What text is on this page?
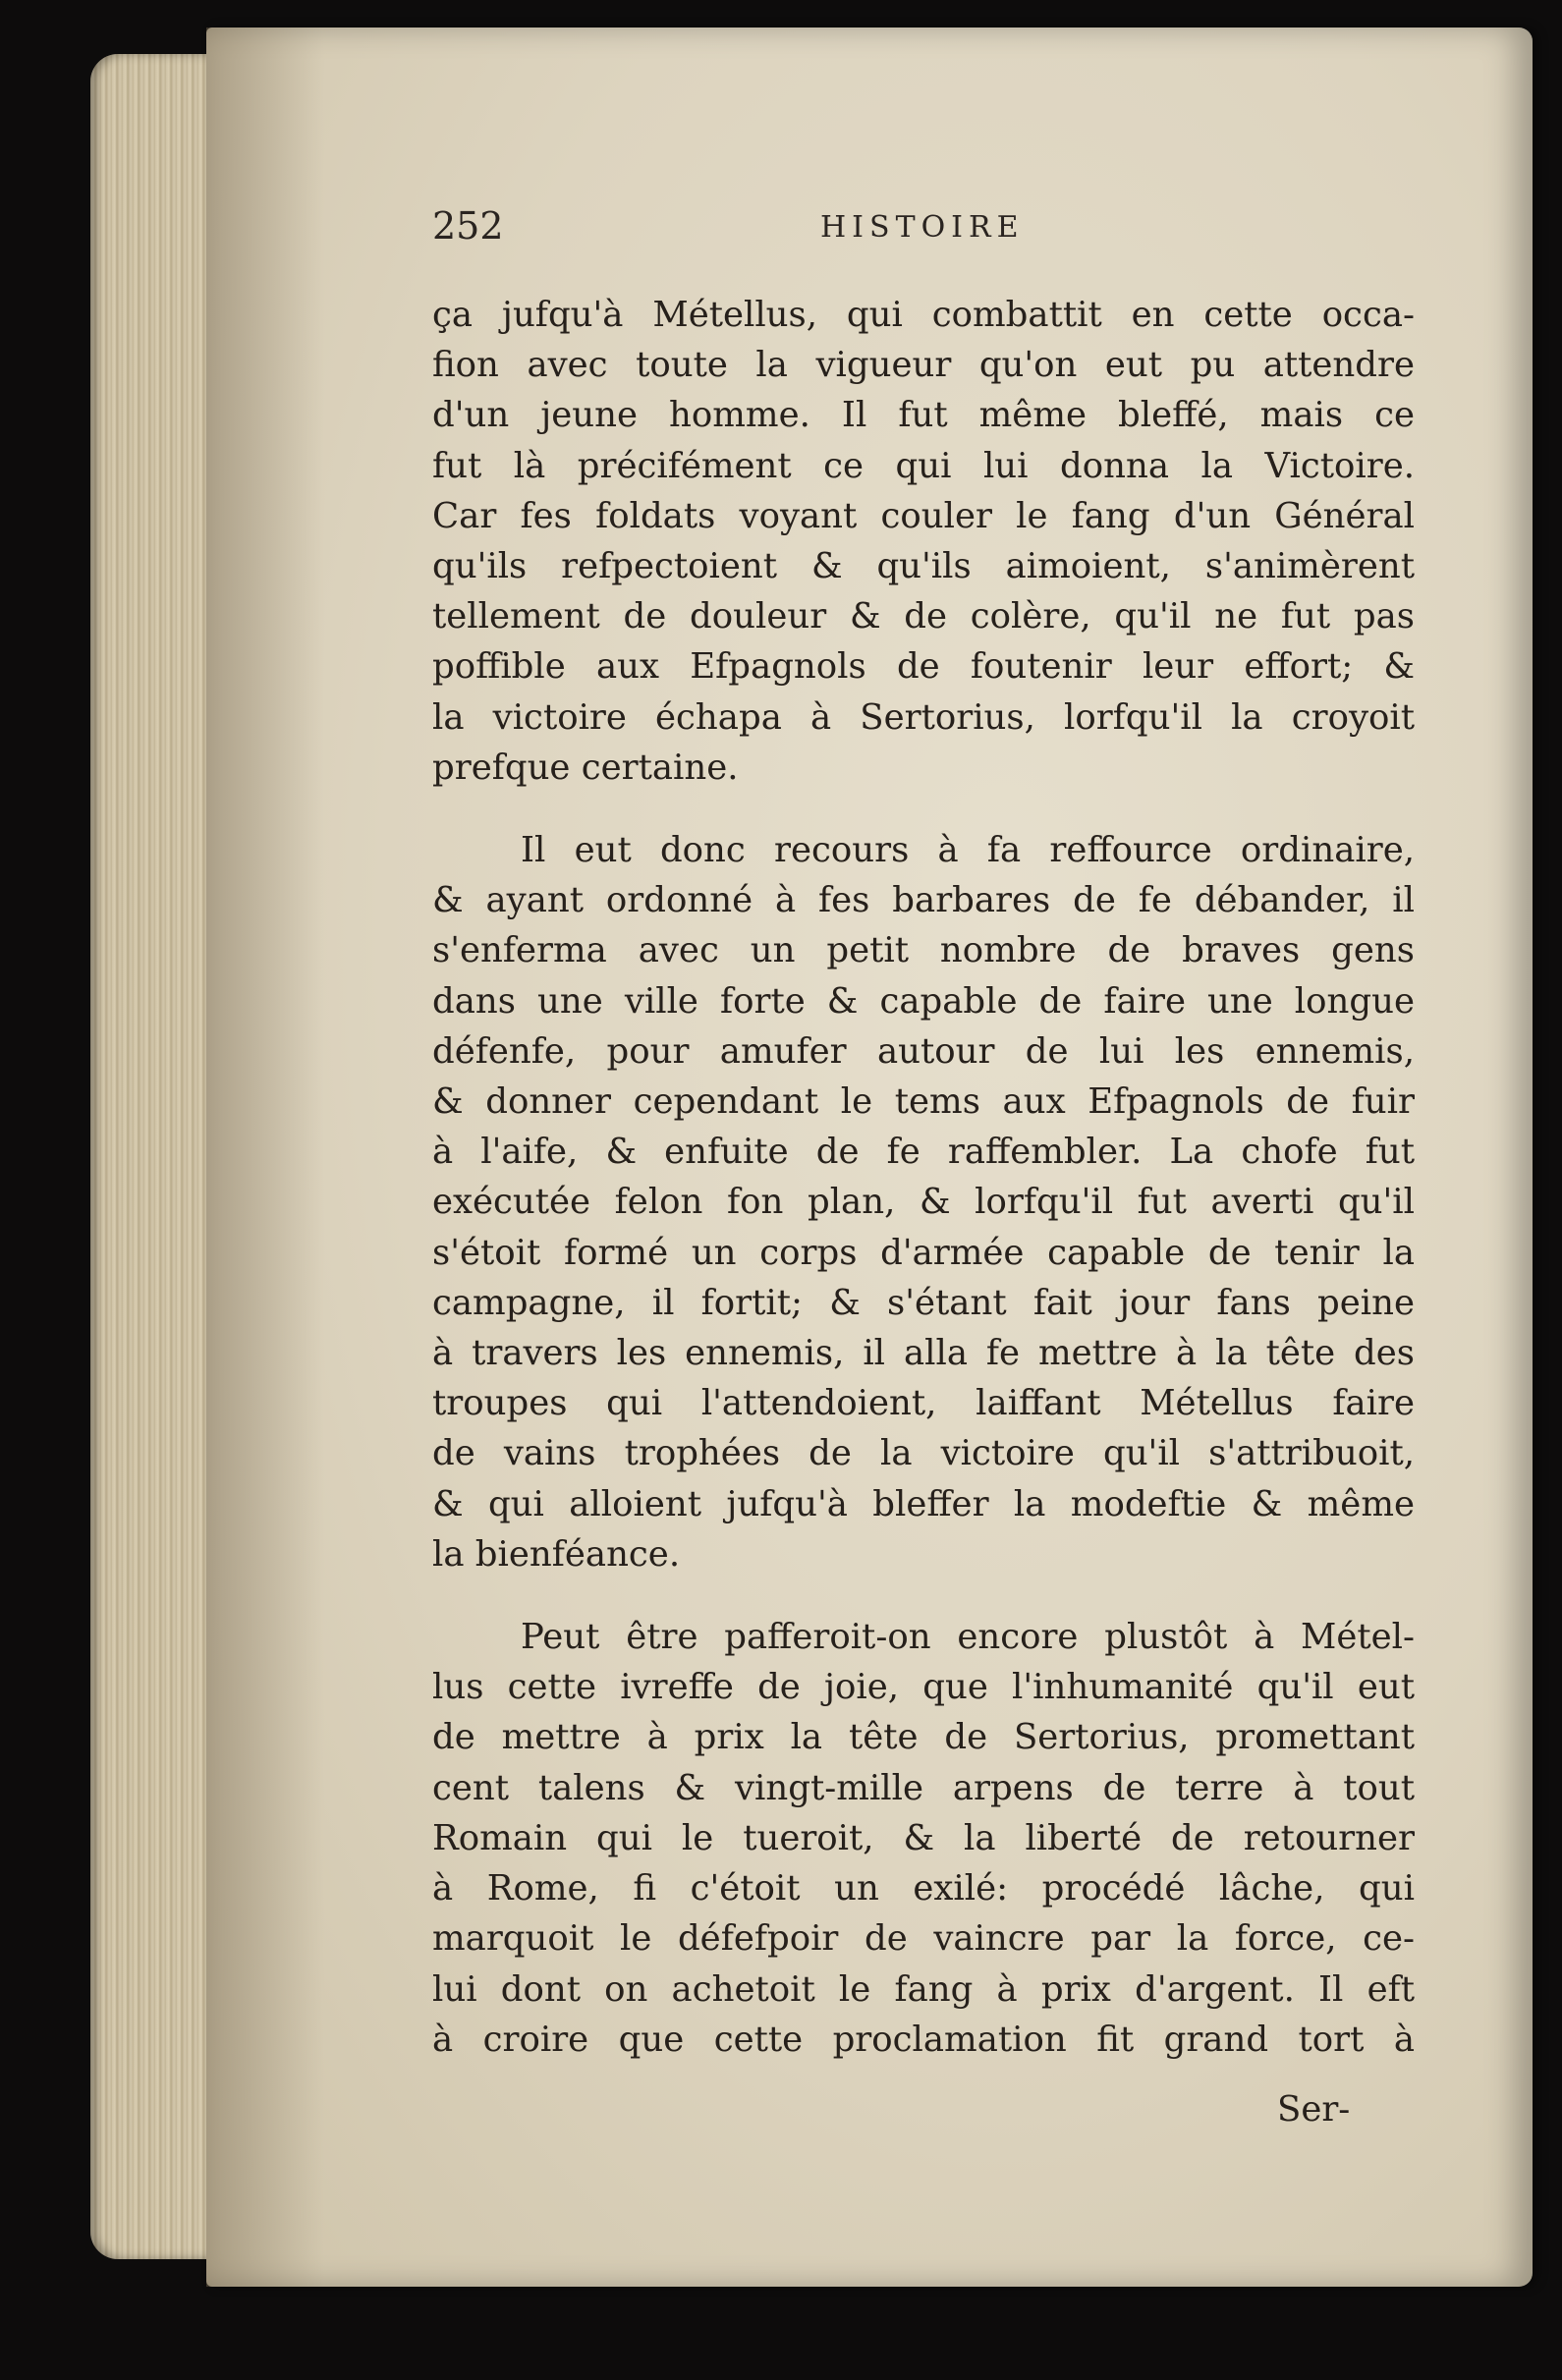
252	HISTOIRE

ça jufqu'à Métellus, qui combattit en cette occa-
fion avec toute la vigueur qu'on eut pu attendre
d'un jeune homme. Il fut même bleffé, mais ce
fut là précifément ce qui lui donna la Victoire.
Car fes foldats voyant couler le fang d'un Général
qu'ils refpectoient & qu'ils aimoient, s'animèrent
tellement de douleur & de colère, qu'il ne fut pas
poffible aux Efpagnols de foutenir leur effort; &
la victoire échapa à Sertorius, lorfqu'il la croyoit
prefque certaine.

Il eut donc recours à fa reffource ordinaire,
& ayant ordonné à fes barbares de fe débander, il
s'enferma avec un petit nombre de braves gens
dans une ville forte & capable de faire une longue
défenfe, pour amufer autour de lui les ennemis,
& donner cependant le tems aux Efpagnols de fuir
à l'aife, & enfuite de fe raffembler. La chofe fut
exécutée felon fon plan, & lorfqu'il fut averti qu'il
s'étoit formé un corps d'armée capable de tenir la
campagne, il fortit; & s'étant fait jour fans peine
à travers les ennemis, il alla fe mettre à la tête des
troupes qui l'attendoient, laiffant Métellus faire
de vains trophées de la victoire qu'il s'attribuoit,
& qui alloient jufqu'à bleffer la modeftie & même
la bienféance.

Peut être pafferoit-on encore plustôt à Métel-
lus cette ivreffe de joie, que l'inhumanité qu'il eut
de mettre à prix la tête de Sertorius, promettant
cent talens & vingt-mille arpens de terre à tout
Romain qui le tueroit, & la liberté de retourner
à Rome, fi c'étoit un exilé: procédé lâche, qui
marquoit le défefpoir de vaincre par la force, ce-
lui dont on achetoit le fang à prix d'argent. Il eft
à croire que cette proclamation fit grand tort à

Ser-
